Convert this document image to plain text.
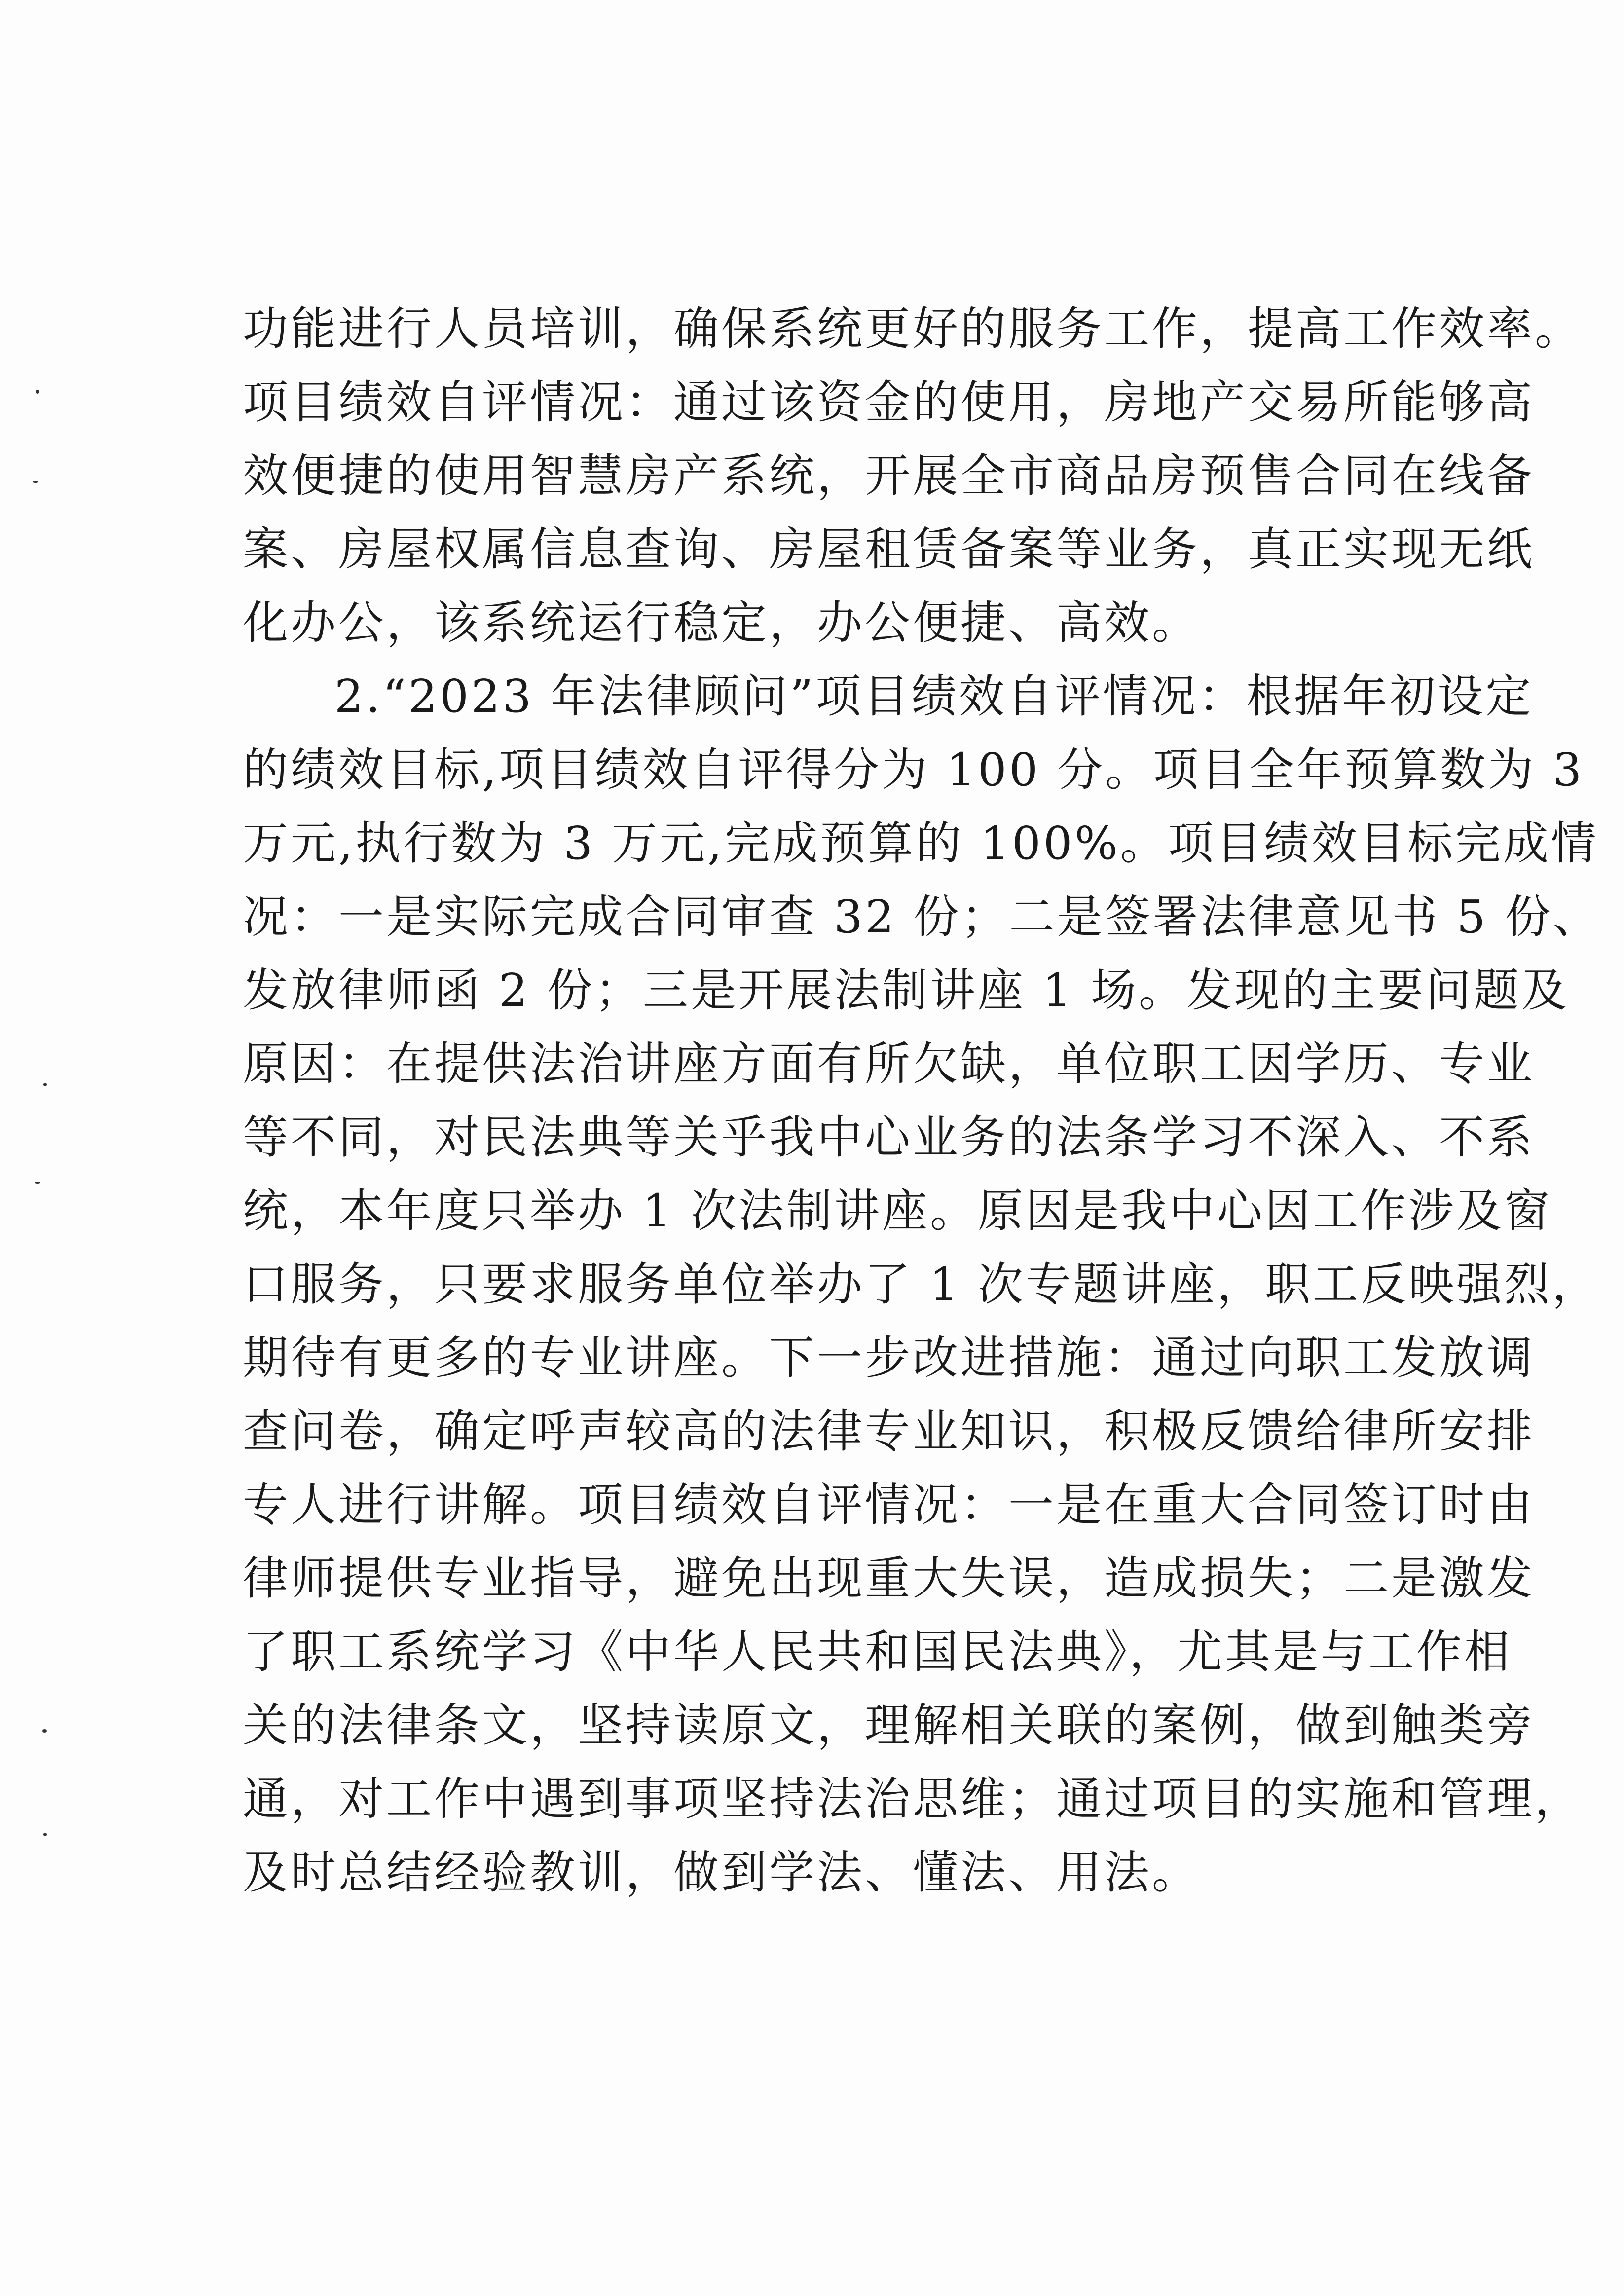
功能进行人员培训，确保系统更好的服务工作，提高工作效率。
项目绩效自评情况：通过该资金的使用，房地产交易所能够高
效便捷的使用智慧房产系统，开展全市商品房预售合同在线备
案、房屋权属信息查询、房屋租赁备案等业务，真正实现无纸
化办公，该系统运行稳定，办公便捷、高效。
2.“2023 年法律顾问”项目绩效自评情况：根据年初设定
的绩效目标,项目绩效自评得分为 100 分。项目全年预算数为 3
万元,执行数为 3 万元,完成预算的 100%。项目绩效目标完成情
况：一是实际完成合同审查 32 份；二是签署法律意见书 5 份、
发放律师函 2 份；三是开展法制讲座 1 场。发现的主要问题及
原因：在提供法治讲座方面有所欠缺，单位职工因学历、专业
等不同，对民法典等关乎我中心业务的法条学习不深入、不系
统，本年度只举办 1 次法制讲座。原因是我中心因工作涉及窗
口服务，只要求服务单位举办了 1 次专题讲座，职工反映强烈，
期待有更多的专业讲座。下一步改进措施：通过向职工发放调
查问卷，确定呼声较高的法律专业知识，积极反馈给律所安排
专人进行讲解。项目绩效自评情况：一是在重大合同签订时由
律师提供专业指导，避免出现重大失误，造成损失；二是激发
了职工系统学习《中华人民共和国民法典》，尤其是与工作相
关的法律条文，坚持读原文，理解相关联的案例，做到触类旁
通，对工作中遇到事项坚持法治思维；通过项目的实施和管理，
及时总结经验教训，做到学法、懂法、用法。
